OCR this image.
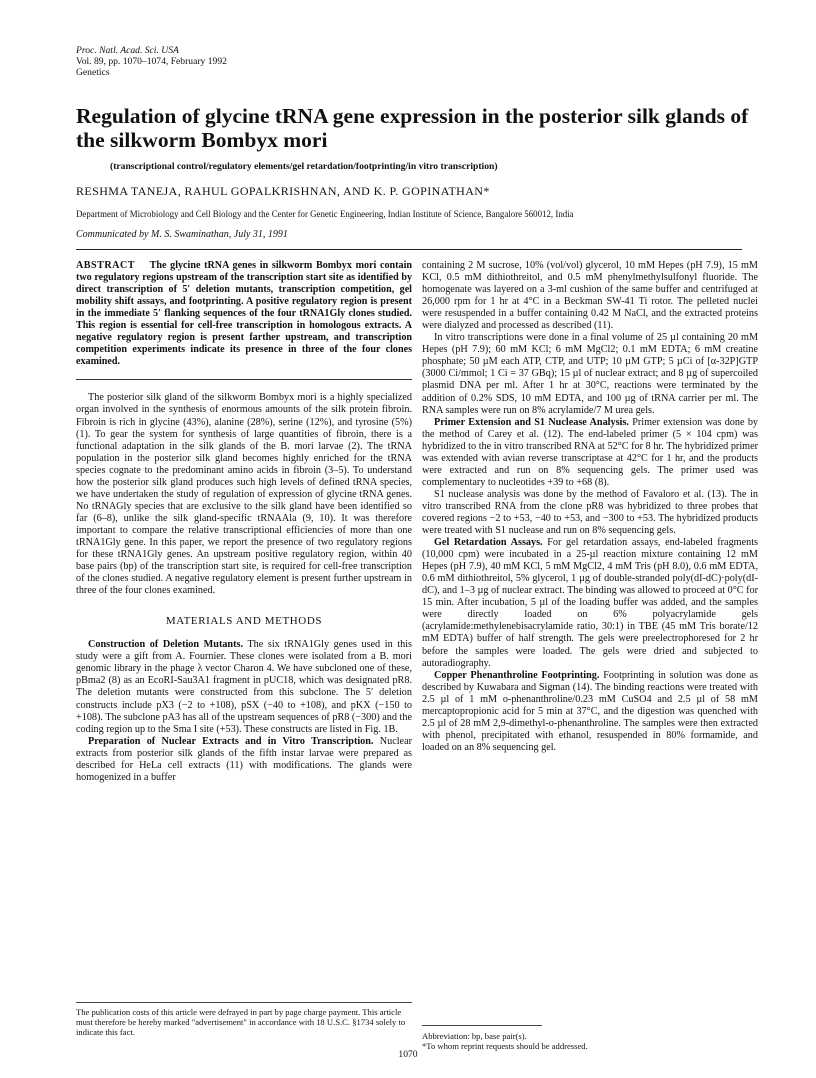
Proc. Natl. Acad. Sci. USA
Vol. 89, pp. 1070–1074, February 1992
Genetics
Regulation of glycine tRNA gene expression in the posterior silk glands of the silkworm Bombyx mori
(transcriptional control/regulatory elements/gel retardation/footprinting/in vitro transcription)
RESHMA TANEJA, RAHUL GOPALKRISHNAN, AND K. P. GOPINATHAN*
Department of Microbiology and Cell Biology and the Center for Genetic Engineering, Indian Institute of Science, Bangalore 560012, India
Communicated by M. S. Swaminathan, July 31, 1991
ABSTRACT The glycine tRNA genes in silkworm Bombyx mori contain two regulatory regions upstream of the transcription start site as identified by direct transcription of 5′ deletion mutants, transcription competition, gel mobility shift assays, and footprinting. A positive regulatory region is present in the immediate 5′ flanking sequences of the four tRNA1Gly clones studied. This region is essential for cell-free transcription in homologous extracts. A negative regulatory region is present farther upstream, and transcription competition experiments indicate its presence in three of the four clones examined.

The posterior silk gland of the silkworm Bombyx mori is a highly specialized organ involved in the synthesis of enormous amounts of the silk protein fibroin. Fibroin is rich in glycine (43%), alanine (28%), serine (12%), and tyrosine (5%) (1). To gear the system for synthesis of large quantities of fibroin, there is a functional adaptation in the silk glands of the B. mori larvae (2). The tRNA population in the posterior silk gland becomes highly enriched for the tRNA species cognate to the predominant amino acids in fibroin (3–5). To understand how the posterior silk gland produces such high levels of defined tRNA species, we have undertaken the study of regulation of expression of glycine tRNA genes. No tRNAGly species that are exclusive to the silk gland have been identified so far (6–8), unlike the silk gland-specific tRNAAla (9, 10). It was therefore important to compare the relative transcriptional efficiencies of more than one tRNA1Gly gene. In this paper, we report the presence of two regulatory regions for these tRNA1Gly genes. An upstream positive regulatory region, within 40 base pairs (bp) of the transcription start site, is required for cell-free transcription of the clones studied. A negative regulatory element is present further upstream in three of the four clones examined.

MATERIALS AND METHODS

Construction of Deletion Mutants. The six tRNA1Gly genes used in this study were a gift from A. Fournier. These clones were isolated from a B. mori genomic library in the phage λ vector Charon 4. We have subcloned one of these, pBma2 (8) as an EcoRI-Sau3A1 fragment in pUC18, which was designated pR8. The deletion mutants were constructed from this subclone. The 5′ deletion constructs include pX3 (−2 to +108), pSX (−40 to +108), and pKX (−150 to +108). The subclone pA3 has all of the upstream sequences of pR8 (−300) and the coding region up to the Sma I site (+53). These constructs are listed in Fig. 1B.

Preparation of Nuclear Extracts and in Vitro Transcription. Nuclear extracts from posterior silk glands of the fifth instar larvae were prepared as described for HeLa cell extracts (11) with modifications. The glands were homogenized in a buffer

containing 2 M sucrose, 10% (vol/vol) glycerol, 10 mM Hepes (pH 7.9), 15 mM KCl, 0.5 mM dithiothreitol, and 0.5 mM phenylmethylsulfonyl fluoride. The homogenate was layered on a 3-ml cushion of the same buffer and centrifuged at 26,000 rpm for 1 hr at 4°C in a Beckman SW-41 Ti rotor. The pelleted nuclei were resuspended in a buffer containing 0.42 M NaCl, and the extracted proteins were dialyzed and processed as described (11).

In vitro transcriptions were done in a final volume of 25 µl containing 20 mM Hepes (pH 7.9); 60 mM KCl; 6 mM MgCl2; 0.1 mM EDTA; 6 mM creatine phosphate; 50 µM each ATP, CTP, and UTP; 10 µM GTP; 5 µCi of [α-32P]GTP (3000 Ci/mmol; 1 Ci = 37 GBq); 15 µl of nuclear extract; and 8 µg of supercoiled plasmid DNA per ml. After 1 hr at 30°C, reactions were terminated by the addition of 0.2% SDS, 10 mM EDTA, and 100 µg of tRNA carrier per ml. The RNA samples were run on 8% acrylamide/7 M urea gels.

Primer Extension and S1 Nuclease Analysis. Primer extension was done by the method of Carey et al. (12). The end-labeled primer (5 × 104 cpm) was hybridized to the in vitro transcribed RNA at 52°C for 8 hr. The hybridized primer was extended with avian reverse transcriptase at 42°C for 1 hr, and the products were extracted and run on 8% sequencing gels. The primer used was complementary to nucleotides +39 to +68 (8).

S1 nuclease analysis was done by the method of Favaloro et al. (13). The in vitro transcribed RNA from the clone pR8 was hybridized to three probes that covered regions −2 to +53, −40 to +53, and −300 to +53. The hybridized products were treated with S1 nuclease and run on 8% sequencing gels.

Gel Retardation Assays. For gel retardation assays, end-labeled fragments (10,000 cpm) were incubated in a 25-µl reaction mixture containing 12 mM Hepes (pH 7.9), 40 mM KCl, 5 mM MgCl2, 4 mM Tris (pH 8.0), 0.6 mM EDTA, 0.6 mM dithiothreitol, 5% glycerol, 1 µg of double-stranded poly(dI-dC)·poly(dI-dC), and 1–3 µg of nuclear extract. The binding was allowed to proceed at 0°C for 15 min. After incubation, 5 µl of the loading buffer was added, and the samples were directly loaded on 6% polyacrylamide gels (acrylamide:methylenebisacrylamide ratio, 30:1) in TBE (45 mM Tris borate/12 mM EDTA) buffer of half strength. The gels were preelectrophoresed for 2 hr before the samples were loaded. The gels were dried and subjected to autoradiography.

Copper Phenanthroline Footprinting. Footprinting in solution was done as described by Kuwabara and Sigman (14). The binding reactions were treated with 2.5 µl of 1 mM o-phenanthroline/0.23 mM CuSO4 and 2.5 µl of 58 mM mercaptopropionic acid for 5 min at 37°C, and the digestion was quenched with 2.5 µl of 28 mM 2,9-dimethyl-o-phenanthroline. The samples were then extracted with phenol, precipitated with ethanol, resuspended in 80% formamide, and loaded on an 8% sequencing gel.

The publication costs of this article were defrayed in part by page charge payment. This article must therefore be hereby marked "advertisement" in accordance with 18 U.S.C. §1734 solely to indicate this fact.	Abbreviation: bp, base pair(s).
*To whom reprint requests should be addressed.
1070
